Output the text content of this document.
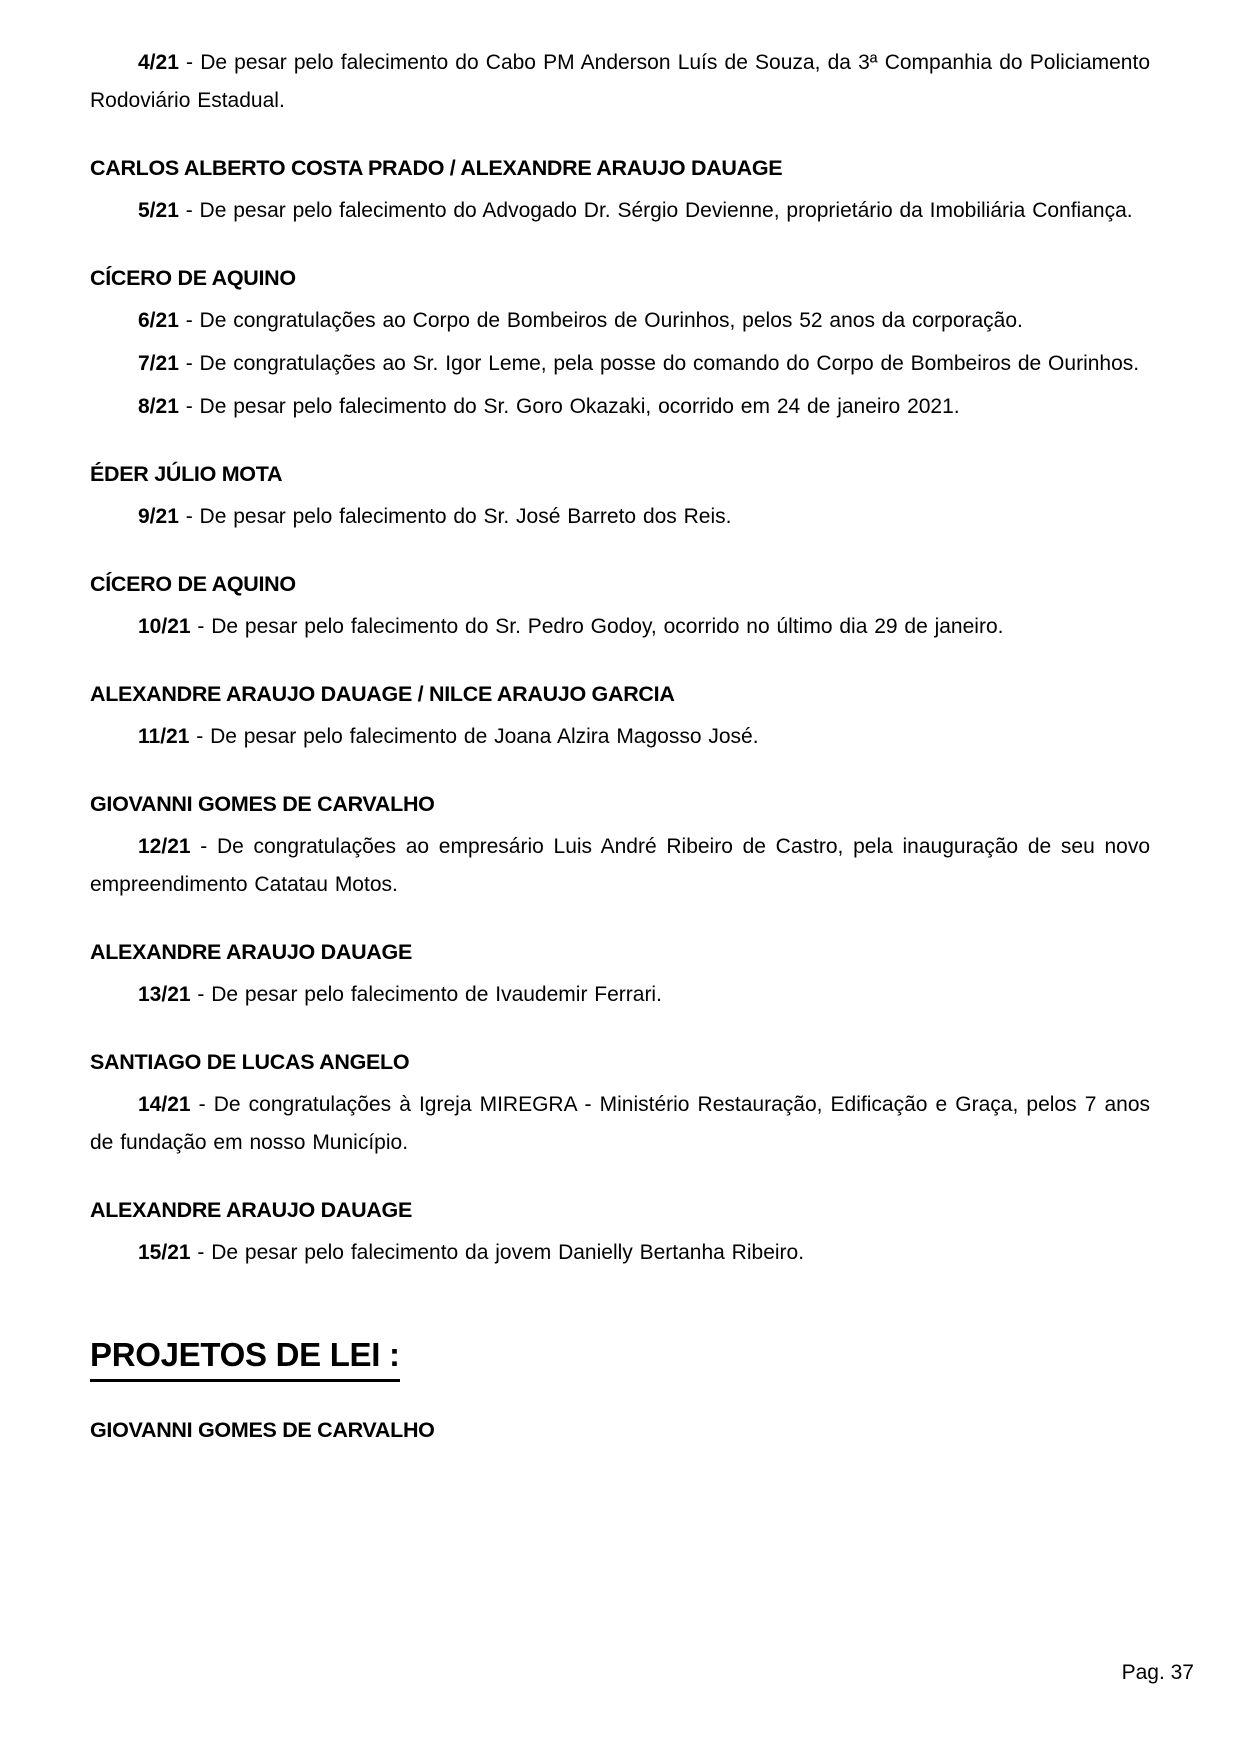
4/21 - De pesar pelo falecimento do Cabo PM Anderson Luís de Souza, da 3ª Companhia do Policiamento Rodoviário Estadual.

CARLOS ALBERTO COSTA PRADO / ALEXANDRE ARAUJO DAUAGE

5/21 - De pesar pelo falecimento do Advogado Dr. Sérgio Devienne, proprietário da Imobiliária Confiança.

CÍCERO DE AQUINO

6/21 - De congratulações ao Corpo de Bombeiros de Ourinhos, pelos 52 anos da corporação.

7/21 - De congratulações ao Sr. Igor Leme, pela posse do comando do Corpo de Bombeiros de Ourinhos.

8/21 - De pesar pelo falecimento do Sr. Goro Okazaki, ocorrido em 24 de janeiro 2021.

ÉDER JÚLIO MOTA

9/21 - De pesar pelo falecimento do Sr. José Barreto dos Reis.

CÍCERO DE AQUINO

10/21 - De pesar pelo falecimento do Sr. Pedro Godoy, ocorrido no último dia 29 de janeiro.

ALEXANDRE ARAUJO DAUAGE / NILCE ARAUJO GARCIA

11/21 - De pesar pelo falecimento de Joana Alzira Magosso José.

GIOVANNI GOMES DE CARVALHO

12/21 - De congratulações ao empresário Luis André Ribeiro de Castro, pela inauguração de seu novo empreendimento Catatau Motos.

ALEXANDRE ARAUJO DAUAGE

13/21 - De pesar pelo falecimento de Ivaudemir Ferrari.

SANTIAGO DE LUCAS ANGELO

14/21 - De congratulações à Igreja MIREGRA - Ministério Restauração, Edificação e Graça, pelos 7 anos de fundação em nosso Município.

ALEXANDRE ARAUJO DAUAGE

15/21 - De pesar pelo falecimento da jovem Danielly Bertanha Ribeiro.

PROJETOS DE LEI :
GIOVANNI GOMES DE CARVALHO
Pag. 37
